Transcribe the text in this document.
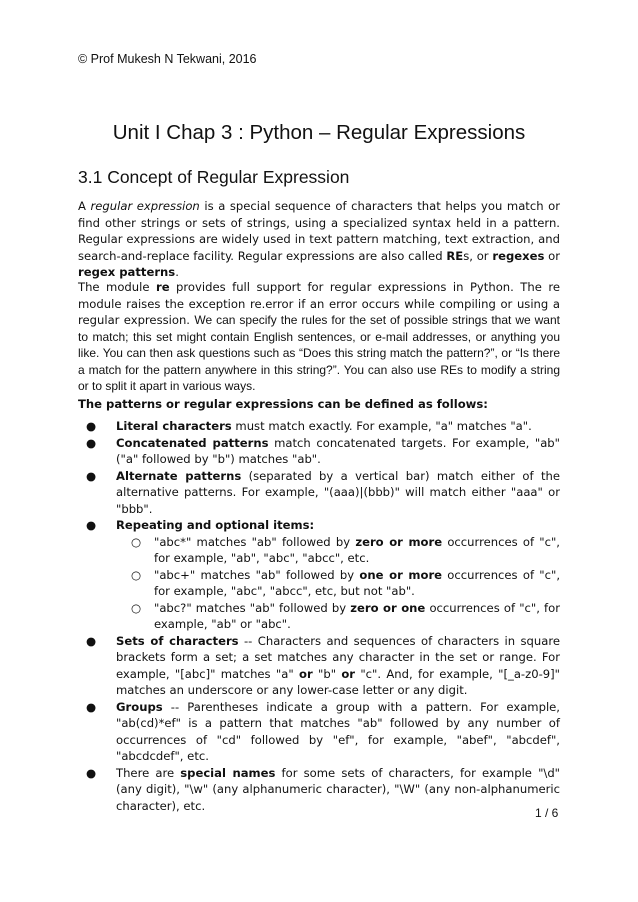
© Prof Mukesh N Tekwani, 2016
Unit I Chap 3 : Python – Regular Expressions
3.1 Concept of Regular Expression
A regular expression is a special sequence of characters that helps you match or find other strings or sets of strings, using a specialized syntax held in a pattern. Regular expressions are widely used in text pattern matching, text extraction, and search-and-replace facility. Regular expressions are also called REs, or regexes or regex patterns.
The module re provides full support for regular expressions in Python. The re module raises the exception re.error if an error occurs while compiling or using a regular expression. We can specify the rules for the set of possible strings that we want to match; this set might contain English sentences, or e-mail addresses, or anything you like. You can then ask questions such as “Does this string match the pattern?”, or “Is there a match for the pattern anywhere in this string?”. You can also use REs to modify a string or to split it apart in various ways.
The patterns or regular expressions can be defined as follows:
● Literal characters must match exactly. For example, "a" matches "a".
● Concatenated patterns match concatenated targets. For example, "ab" ("a" followed by "b") matches "ab".
● Alternate patterns (separated by a vertical bar) match either of the alternative patterns. For example, "(aaa)|(bbb)" will match either "aaa" or "bbb".
● Repeating and optional items:
○ "abc*" matches "ab" followed by zero or more occurrences of "c", for example, "ab", "abc", "abcc", etc.
○ "abc+" matches "ab" followed by one or more occurrences of "c", for example, "abc", "abcc", etc, but not "ab".
○ "abc?" matches "ab" followed by zero or one occurrences of "c", for example, "ab" or "abc".
● Sets of characters -- Characters and sequences of characters in square brackets form a set; a set matches any character in the set or range. For example, "[abc]" matches "a" or "b" or "c". And, for example, "[_a-z0-9]" matches an underscore or any lower-case letter or any digit.
● Groups -- Parentheses indicate a group with a pattern. For example, "ab(cd)*ef" is a pattern that matches "ab" followed by any number of occurrences of "cd" followed by "ef", for example, "abef", "abcdef", "abcdcdef", etc.
● There are special names for some sets of characters, for example "\d" (any digit), "\w" (any alphanumeric character), "\W" (any non-alphanumeric character), etc.
1 / 6
